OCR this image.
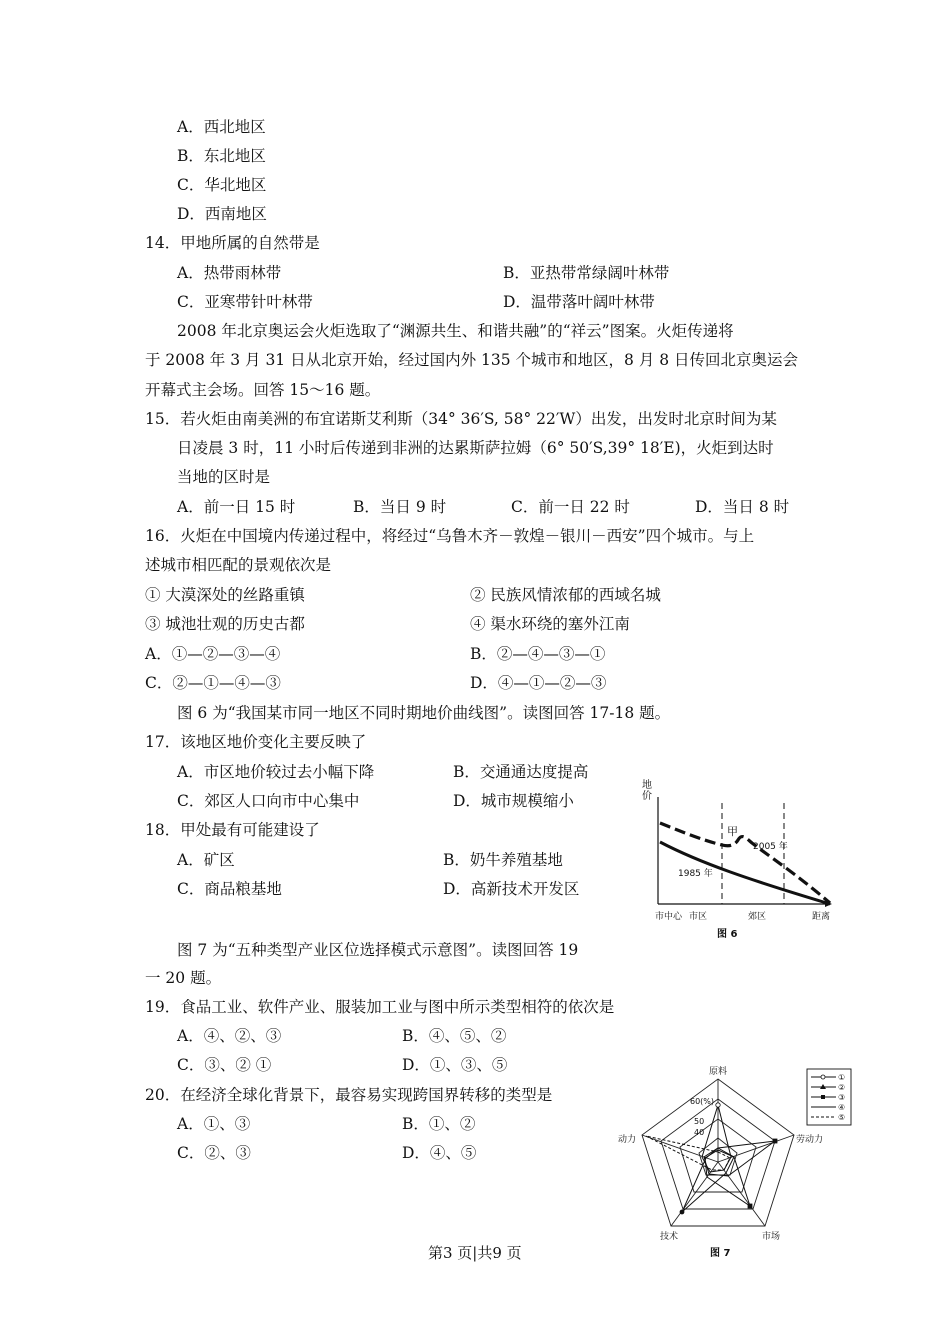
A．西北地区
B．东北地区
C．华北地区
D．西南地区
14．甲地所属的自然带是
A．热带雨林带	B．亚热带常绿阔叶林带
C．亚寒带针叶林带	D．温带落叶阔叶林带
2008 年北京奥运会火炬选取了“渊源共生、和谐共融”的“祥云”图案。火炬传递将
于 2008 年 3 月 31 日从北京开始，经过国内外 135 个城市和地区，8 月 8 日传回北京奥运会
开幕式主会场。回答 15～16 题。
15．若火炬由南美洲的布宜诺斯艾利斯（34° 36′S, 58° 22′W）出发，出发时北京时间为某
日凌晨 3 时，11 小时后传递到非洲的达累斯萨拉姆（6° 50′S,39° 18′E)，火炬到达时
当地的区时是
A．前一日 15 时	B．当日 9 时	C．前一日 22 时	D．当日 8 时
16．火炬在中国境内传递过程中，将经过“乌鲁木齐－敦煌－银川－西安”四个城市。与上
述城市相匹配的景观依次是
① 大漠深处的丝路重镇	② 民族风情浓郁的西域名城
③ 城池壮观的历史古都	④ 渠水环绕的塞外江南
A．①—②—③—④	B．②—④—③—①
C．②—①—④—③	D．④—①—②—③
图 6 为“我国某市同一地区不同时期地价曲线图”。读图回答 17-18 题。
17．该地区地价变化主要反映了
A．市区地价较过去小幅下降	B．交通通达度提高
C．郊区人口向市中心集中	D．城市规模缩小
18．甲处最有可能建设了
A．矿区	B．奶牛养殖基地
C．商品粮基地	D．高新技术开发区
地
价
甲
2005 年
1985 年
市中心 市区	郊区	距离
图 6
图 7 为“五种类型产业区位选择模式示意图”。读图回答 19
一 20 题。
19．食品工业、软件产业、服装加工业与图中所示类型相符的依次是
A．④、②、③	B．④、⑤、②
C．③、② ①	D．①、③、⑤
20．在经济全球化背景下，最容易实现跨国界转移的类型是
A．①、③	B．①、②
C．②、③	D．④、⑤
原料
劳动力
市场
技术
动力
60(%)
50
40
①
②
③
④
⑤
图 7
第3 页|共9 页
